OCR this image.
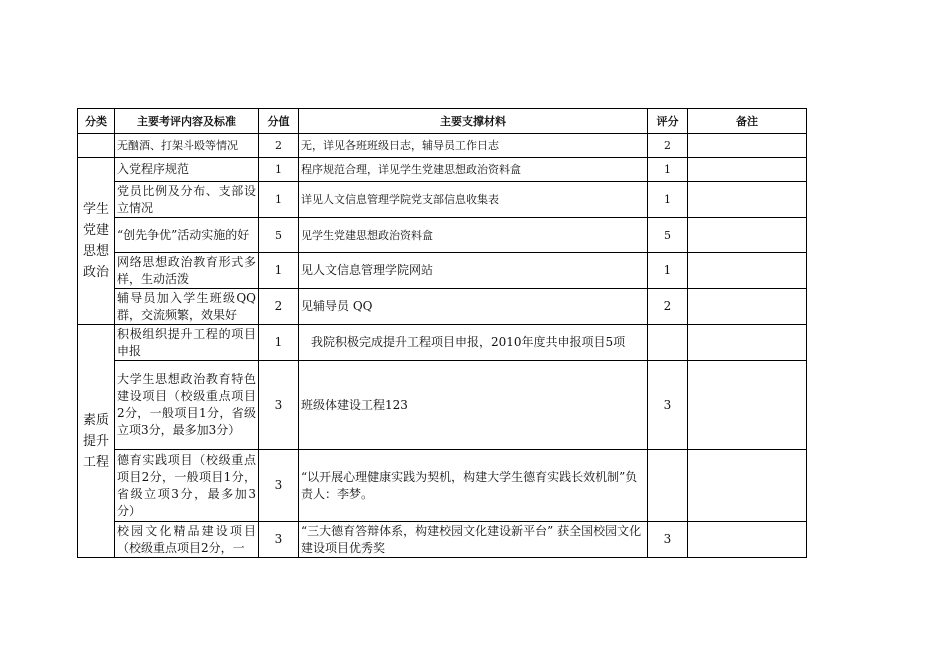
分类	主要考评内容及标准	分值	主要支撑材料	评分	备注
	无酗酒、打架斗殴等情况	2	无，详见各班班级日志，辅导员工作日志	2	
学生党建思想政治	入党程序规范	1	程序规范合理，详见学生党建思想政治资料盒	1	
	党员比例及分布、支部设立情况	1	详见人文信息管理学院党支部信息收集表	1	
	“创先争优”活动实施的好	5	见学生党建思想政治资料盒	5	
	网络思想政治教育形式多样，生动活泼	1	见人文信息管理学院网站	1	
	辅导员加入学生班级QQ群，交流频繁，效果好	2	见辅导员 QQ	2	
素质提升工程	积极组织提升工程的项目申报	1	我院积极完成提升工程项目申报，2010年度共申报项目5项		
	大学生思想政治教育特色建设项目（校级重点项目2分，一般项目1分，省级立项3分，最多加3分）	3	班级体建设工程123	3	
	德育实践项目（校级重点项目2分，一般项目1分，省级立项3分，最多加3分）	3	“以开展心理健康实践为契机，构建大学生德育实践长效机制”负责人：李梦。		
	校园文化精品建设项目（校级重点项目2分，一	3	“三大德育答辩体系，构建校园文化建设新平台” 获全国校园文化建设项目优秀奖	3	
